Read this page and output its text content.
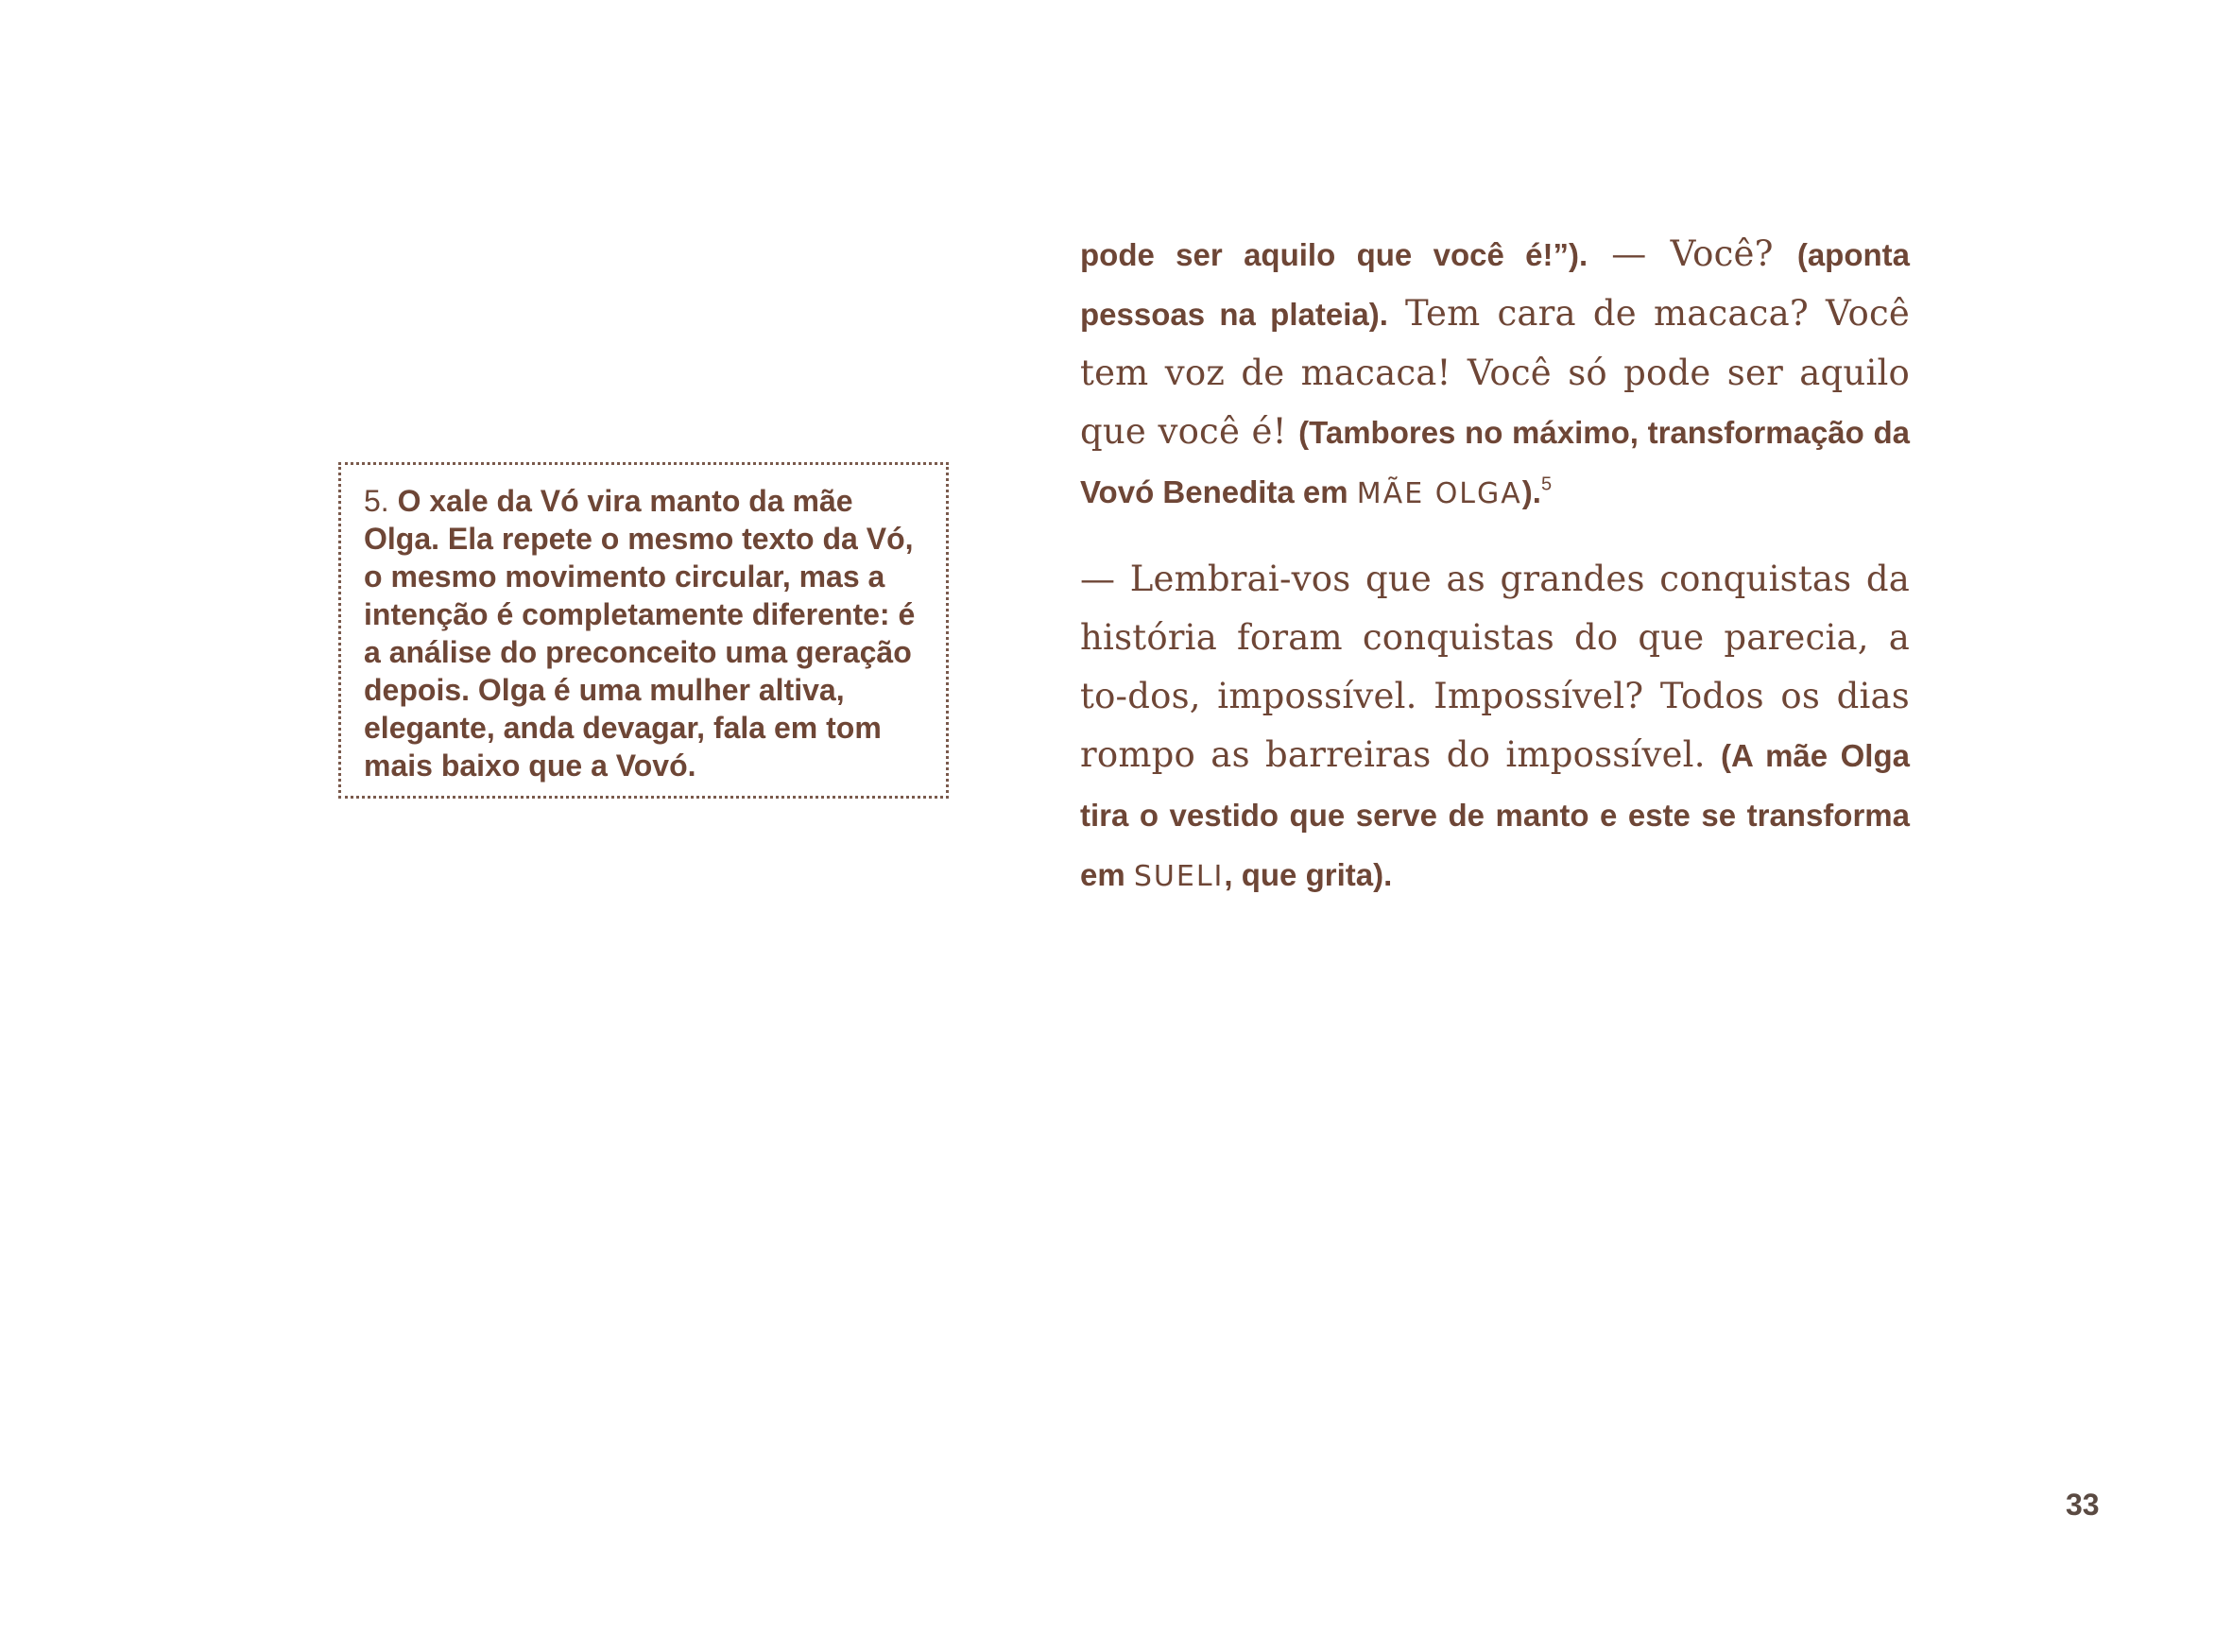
5. O xale da Vó vira manto da mãe Olga. Ela repete o mesmo texto da Vó, o mesmo movimento circular, mas a intenção é completamente diferente: é a análise do preconceito uma geração depois. Olga é uma mulher altiva, elegante, anda devagar, fala em tom mais baixo que a Vovó.

pode ser aquilo que você é!”). — Você? (aponta pessoas na plateia). Tem cara de macaca? Você tem voz de macaca! Você só pode ser aquilo que você é! (Tambores no máximo, transformação da Vovó Benedita em MÃE OLGA).$^5$

— Lembrai-vos que as grandes conquistas da história foram conquistas do que parecia, a to-dos, impossível. Impossível? Todos os dias rompo as barreiras do impossível. (A mãe Olga tira o vestido que serve de manto e este se transforma em SUELI, que grita).

33
